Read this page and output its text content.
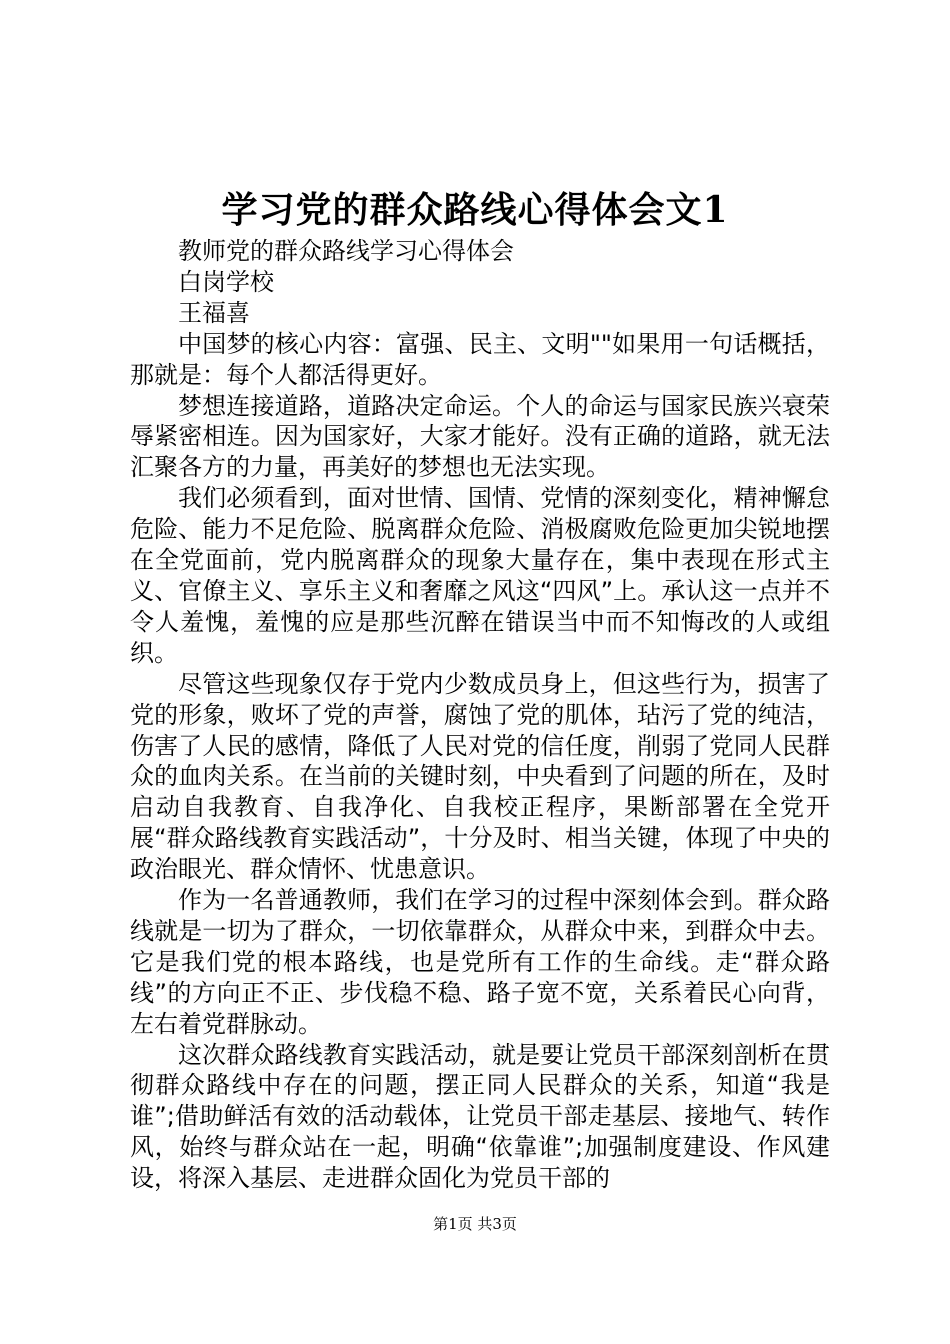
学习党的群众路线心得体会文1

教师党的群众路线学习心得体会

白岗学校

王福喜

中国梦的核心内容：富强、民主、文明""如果用一句话概括，那就是：每个人都活得更好。

梦想连接道路，道路决定命运。个人的命运与国家民族兴衰荣辱紧密相连。因为国家好，大家才能好。没有正确的道路，就无法汇聚各方的力量，再美好的梦想也无法实现。

我们必须看到，面对世情、国情、党情的深刻变化，精神懈怠危险、能力不足危险、脱离群众危险、消极腐败危险更加尖锐地摆在全党面前，党内脱离群众的现象大量存在，集中表现在形式主义、官僚主义、享乐主义和奢靡之风这“四风”上。承认这一点并不令人羞愧，羞愧的应是那些沉醉在错误当中而不知悔改的人或组织。

尽管这些现象仅存于党内少数成员身上，但这些行为，损害了党的形象，败坏了党的声誉，腐蚀了党的肌体，玷污了党的纯洁，伤害了人民的感情，降低了人民对党的信任度，削弱了党同人民群众的血肉关系。在当前的关键时刻，中央看到了问题的所在，及时启动自我教育、自我净化、自我校正程序，果断部署在全党开展“群众路线教育实践活动”，十分及时、相当关键，体现了中央的政治眼光、群众情怀、忧患意识。

作为一名普通教师，我们在学习的过程中深刻体会到。群众路线就是一切为了群众，一切依靠群众，从群众中来，到群众中去。它是我们党的根本路线，也是党所有工作的生命线。走“群众路线”的方向正不正、步伐稳不稳、路子宽不宽，关系着民心向背，左右着党群脉动。

这次群众路线教育实践活动，就是要让党员干部深刻剖析在贯彻群众路线中存在的问题，摆正同人民群众的关系，知道“我是谁”;借助鲜活有效的活动载体，让党员干部走基层、接地气、转作风，始终与群众站在一起，明确“依靠谁”;加强制度建设、作风建设，将深入基层、走进群众固化为党员干部的

第1页 共3页
